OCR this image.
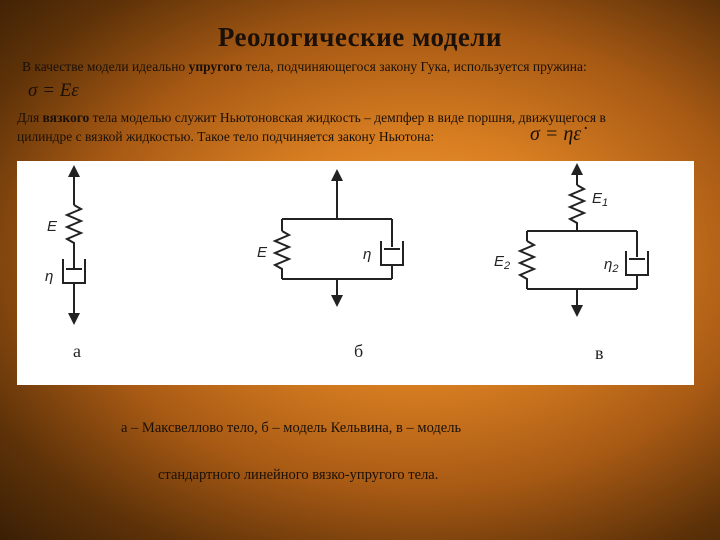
Реологические модели
В качестве модели идеально упругого тела, подчиняющегося закону Гука, используется пружина:
σ = Eε
Для вязкого тела моделью служит Ньютоновская жидкость – демпфер в виде поршня, движущегося в
цилиндре с вязкой жидкостью. Такое тело подчиняется закону Ньютона:	σ = ηε̇
E
η
E	η
$E_1$
$E_2$	$\eta_2$
а	б	в
а – Максвеллово тело, б – модель Кельвина, в – модель
стандартного линейного вязко-упругого тела.
